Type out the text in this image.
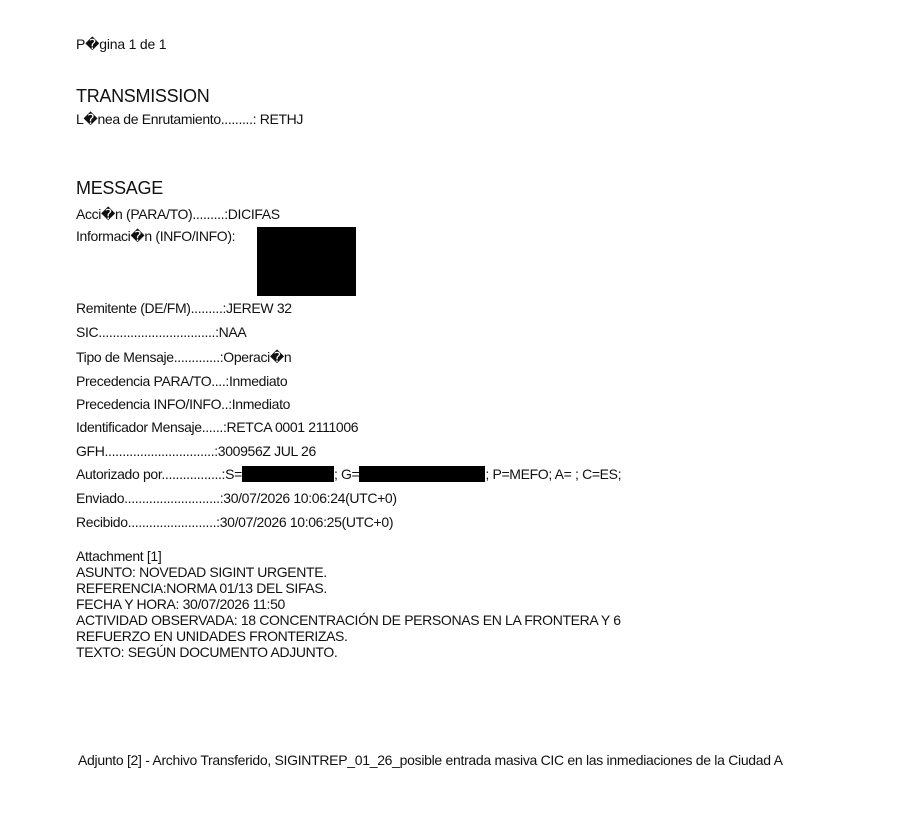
P�gina 1 de 1
TRANSMISSION
L�nea de Enrutamiento.........: RETHJ
MESSAGE
Acci�n (PARA/TO).........:DICIFAS
Informaci�n (INFO/INFO):
Remitente (DE/FM).........:JEREW 32
SIC.................................:NAA
Tipo de Mensaje.............:Operaci�n
Precedencia PARA/TO....:Inmediato
Precedencia INFO/INFO..:Inmediato
Identificador Mensaje......:RETCA 0001 2111006
GFH...............................:300956Z JUL 26
Autorizado por.................:S=	; G=	; P=MEFO; A= ; C=ES;
Enviado...........................:30/07/2026 10:06:24(UTC+0)
Recibido.........................:30/07/2026 10:06:25(UTC+0)
Attachment [1]
ASUNTO: NOVEDAD SIGINT URGENTE.
REFERENCIA:NORMA 01/13 DEL SIFAS.
FECHA Y HORA: 30/07/2026 11:50
ACTIVIDAD OBSERVADA: 18 CONCENTRACIÓN DE PERSONAS EN LA FRONTERA Y 6
REFUERZO EN UNIDADES FRONTERIZAS.
TEXTO: SEGÚN DOCUMENTO ADJUNTO.
Adjunto [2] - Archivo Transferido, SIGINTREP_01_26_posible entrada masiva CIC en las inmediaciones de la Ciudad A
